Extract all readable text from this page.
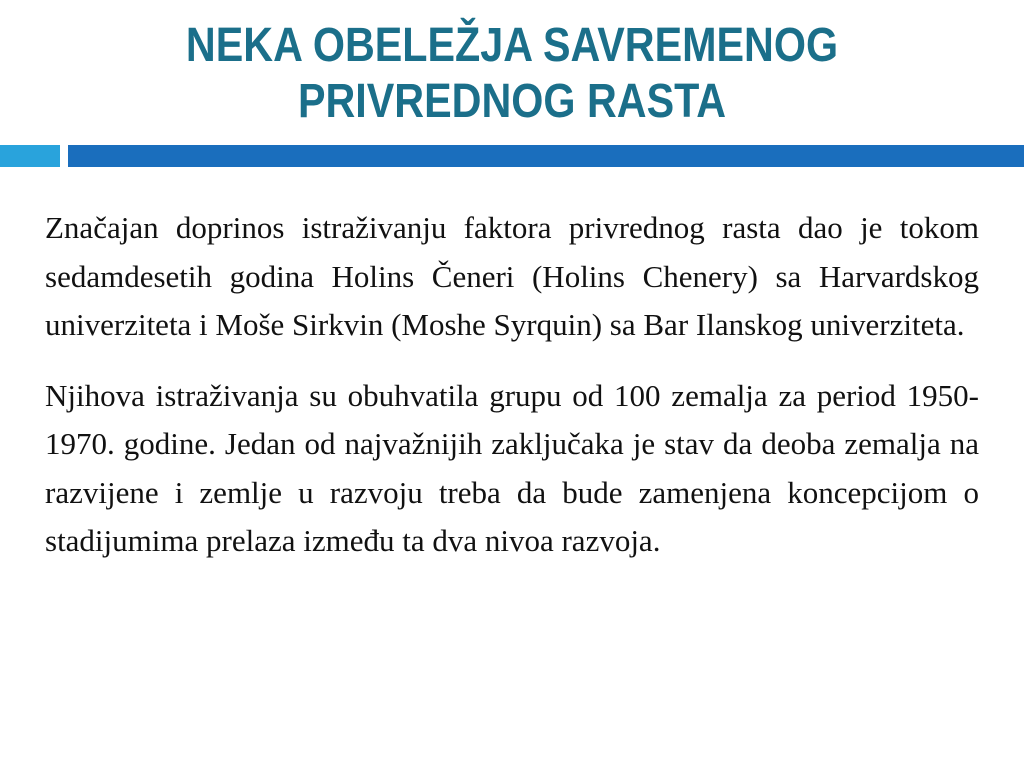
NEKA OBELEŽJA SAVREMENOG
PRIVREDNOG RASTA

Značajan doprinos istraživanju faktora privrednog rasta dao je tokom sedamdesetih godina Holins Čeneri (Holins Chenery) sa Harvardskog univerziteta i Moše Sirkvin (Moshe Syrquin) sa Bar Ilanskog univerziteta.

Njihova istraživanja su obuhvatila grupu od 100 zemalja za period 1950-1970. godine. Jedan od najvažnijih zaključaka je stav da deoba zemalja na razvijene i zemlje u razvoju treba da bude zamenjena koncepcijom o stadijumima prelaza između ta dva nivoa razvoja.
